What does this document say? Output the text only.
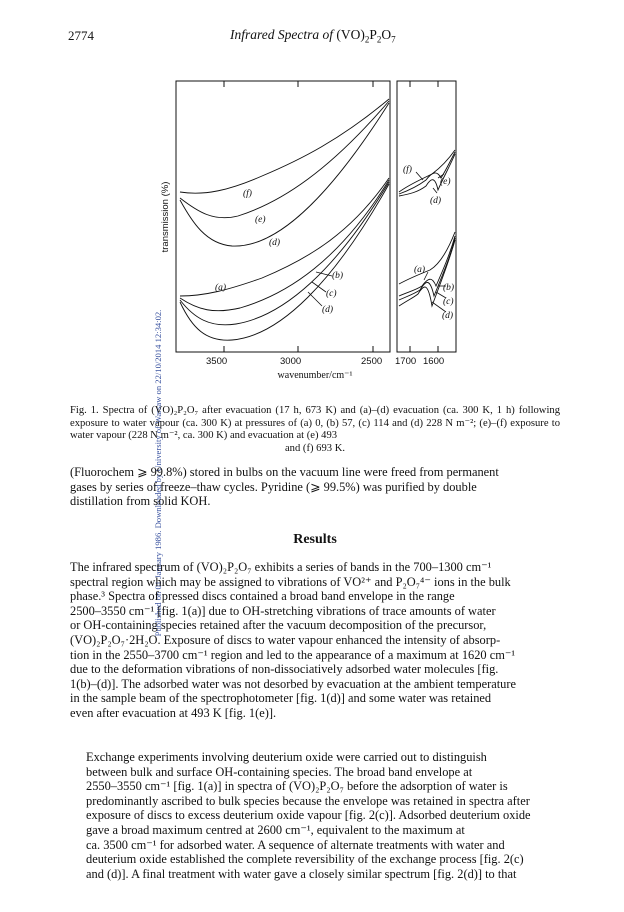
Published on 01 January 1986. Downloaded by University of Warsaw on 22/10/2014 12:34:02.
2774	Infrared Spectra of $(VO)_2P_2O_7$
3500	3000	2500 1700 1600
wavenumber/cm⁻¹
transmission (%)	(f)
(e)
(d)
(a)
(b)
(c)
(d)
(f)
(e)
(d)
(a)
(b)
(c)
(d)
Fig. 1. Spectra of (VO)₂P₂O₇ after evacuation (17 h, 673 K) and (a)–(d) evacuation (ca. 300 K, 1 h) following exposure to water vapour (ca. 300 K) at pressures of (a) 0, (b) 57, (c) 114 and (d) 228 N m⁻²; (e)–(f) exposure to water vapour (228 N m⁻², ca. 300 K) and evacuation at (e) 493
and (f) 693 K.
(Fluorochem ⩾ 99.8%) stored in bulbs on the vacuum line were freed from permanent
gases by series of freeze–thaw cycles. Pyridine (⩾ 99.5%) was purified by double
distillation from solid KOH.
Results
The infrared spectrum of (VO)₂P₂O₇ exhibits a series of bands in the 700–1300 cm⁻¹
spectral region which may be assigned to vibrations of VO²⁺ and P₂O₇⁴⁻ ions in the bulk
phase.³ Spectra of pressed discs contained a broad band envelope in the range
2500–3550 cm⁻¹ [fig. 1(a)] due to OH-stretching vibrations of trace amounts of water
or OH-containing species retained after the vacuum decomposition of the precursor,
(VO)₂P₂O₇·2H₂O. Exposure of discs to water vapour enhanced the intensity of absorp-
tion in the 2550–3700 cm⁻¹ region and led to the appearance of a maximum at 1620 cm⁻¹
due to the deformation vibrations of non-dissociatively adsorbed water molecules [fig.
1(b)–(d)]. The adsorbed water was not desorbed by evacuation at the ambient temperature
in the sample beam of the spectrophotometer [fig. 1(d)] and some water was retained
even after evacuation at 493 K [fig. 1(e)].
Exchange experiments involving deuterium oxide were carried out to distinguish
between bulk and surface OH-containing species. The broad band envelope at
2550–3550 cm⁻¹ [fig. 1(a)] in spectra of (VO)₂P₂O₇ before the adsorption of water is
predominantly ascribed to bulk species because the envelope was retained in spectra after
exposure of discs to excess deuterium oxide vapour [fig. 2(c)]. Adsorbed deuterium oxide
gave a broad maximum centred at 2600 cm⁻¹, equivalent to the maximum at
ca. 3500 cm⁻¹ for adsorbed water. A sequence of alternate treatments with water and
deuterium oxide established the complete reversibility of the exchange process [fig. 2(c)
and (d)]. A final treatment with water gave a closely similar spectrum [fig. 2(d)] to that
